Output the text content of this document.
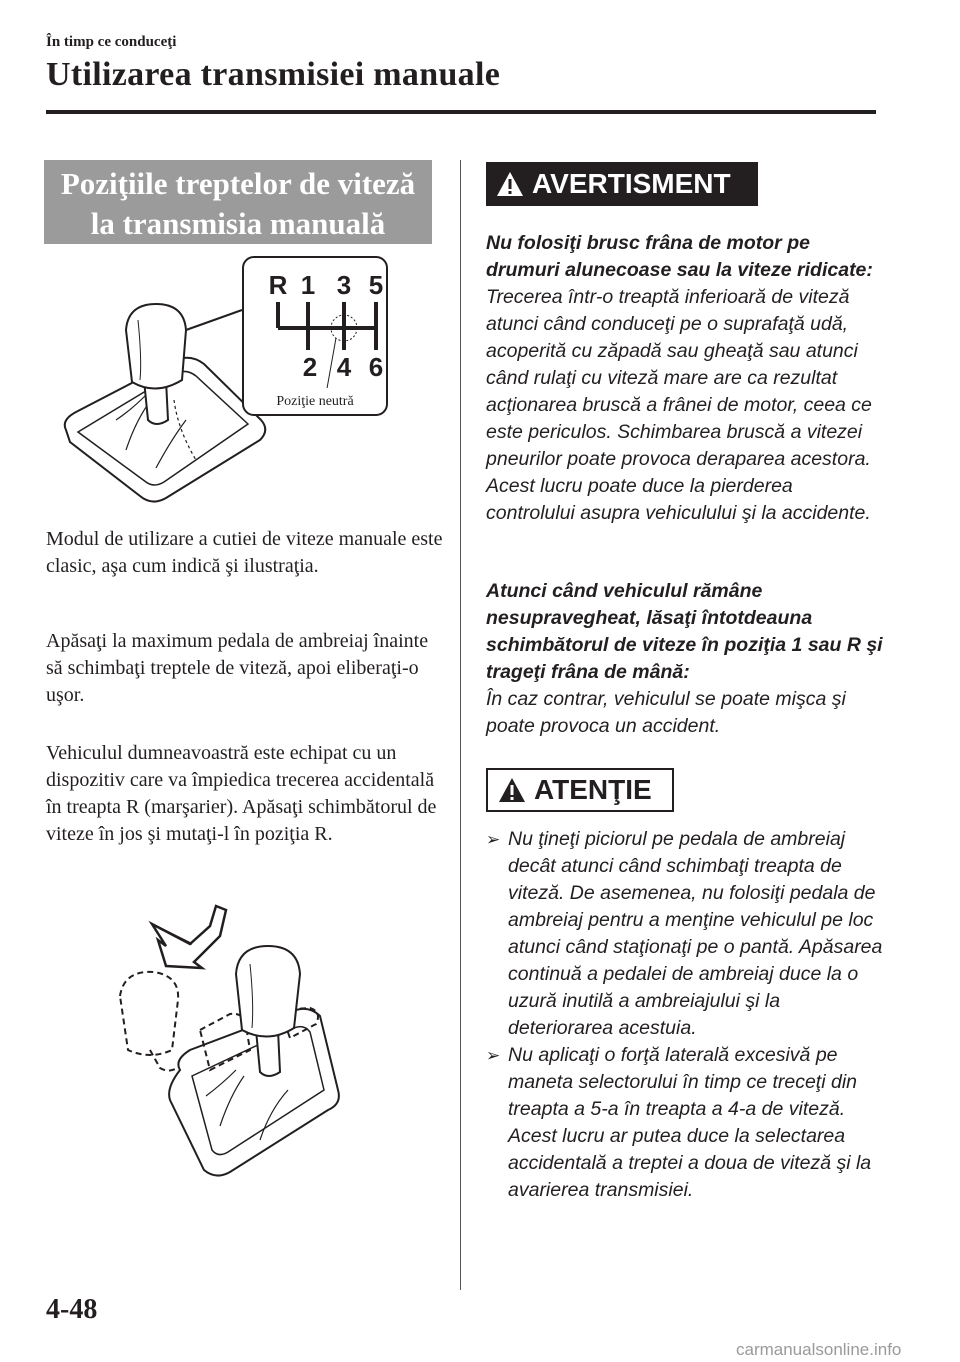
În timp ce conduceţi
Utilizarea transmisiei manuale
Poziţiile treptelor de viteză
la transmisia manuală
R 1 3 5
2 4 6
Poziţie neutră
Modul de utilizare a cutiei de viteze manuale este clasic, aşa cum indică şi ilustraţia.
Apăsaţi la maximum pedala de ambreiaj înainte să schimbaţi treptele de viteză, apoi eliberaţi-o uşor.
Vehiculul dumneavoastră este echipat cu un dispozitiv care va împiedica trecerea accidentală în treapta R (marşarier). Apăsaţi schimbătorul de viteze în jos şi mutaţi-l în poziţia R.
AVERTISMENT
Nu folosiţi brusc frâna de motor pe drumuri alunecoase sau la viteze ridicate:
Trecerea într-o treaptă inferioară de viteză atunci când conduceţi pe o suprafaţă udă, acoperită cu zăpadă sau gheaţă sau atunci când rulaţi cu viteză mare are ca rezultat acţionarea bruscă a frânei de motor, ceea ce este periculos. Schimbarea bruscă a vitezei pneurilor poate provoca deraparea acestora. Acest lucru poate duce la pierderea controlului asupra vehiculului şi la accidente.
Atunci când vehiculul rămâne nesupravegheat, lăsaţi întotdeauna schimbătorul de viteze în poziţia 1 sau R şi trageţi frâna de mână:
În caz contrar, vehiculul se poate mişca şi poate provoca un accident.
ATENŢIE
➢ Nu ţineţi piciorul pe pedala de ambreiaj decât atunci când schimbaţi treapta de viteză. De asemenea, nu folosiţi pedala de ambreiaj pentru a menţine vehiculul pe loc atunci când staţionaţi pe o pantă. Apăsarea continuă a pedalei de ambreiaj duce la o uzură inutilă a ambreiajului şi la deteriorarea acestuia.
➢ Nu aplicaţi o forţă laterală excesivă pe maneta selectorului în timp ce treceţi din treapta a 5-a în treapta a 4-a de viteză. Acest lucru ar putea duce la selectarea accidentală a treptei a doua de viteză şi la avarierea transmisiei.
4-48
carmanualsonline.info
